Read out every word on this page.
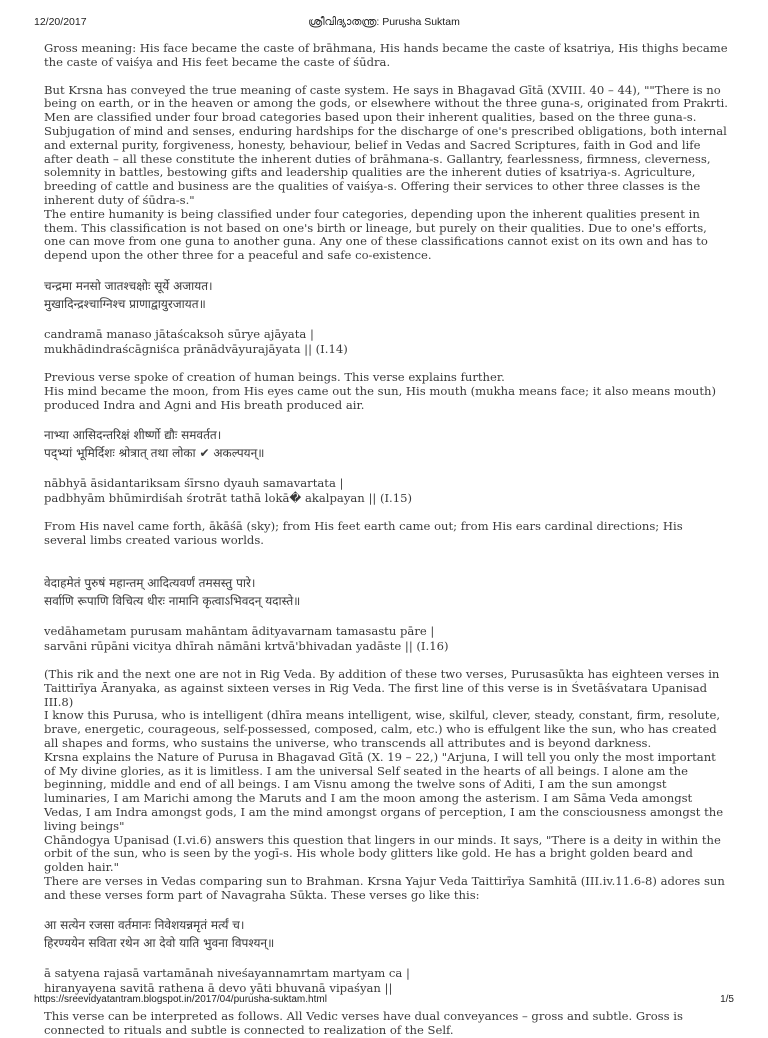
12/20/2017	ശ്രീവിദ്യാതന്ത്ര: Purusha Suktam

Gross meaning: His face became the caste of brāhmana, His hands became the caste of ksatriya, His thighs became the caste of vaiśya and His feet became the caste of śūdra.

But Krsna has conveyed the true meaning of caste system. He says in Bhagavad Gītā (XVIII. 40 – 44), ""There is no being on earth, or in the heaven or among the gods, or elsewhere without the three guna-s, originated from Prakrti. Men are classified under four broad categories based upon their inherent qualities, based on the three guna-s. Subjugation of mind and senses, enduring hardships for the discharge of one's prescribed obligations, both internal and external purity, forgiveness, honesty, behaviour, belief in Vedas and Sacred Scriptures, faith in God and life after death – all these constitute the inherent duties of brāhmana-s. Gallantry, fearlessness, firmness, cleverness, solemnity in battles, bestowing gifts and leadership qualities are the inherent duties of ksatriya-s. Agriculture, breeding of cattle and business are the qualities of vaiśya-s. Offering their services to other three classes is the inherent duty of śūdra-s."

The entire humanity is being classified under four categories, depending upon the inherent qualities present in them. This classification is not based on one's birth or lineage, but purely on their qualities. Due to one's efforts, one can move from one guna to another guna. Any one of these classifications cannot exist on its own and has to depend upon the other three for a peaceful and safe co-existence.

चन्द्रमा मनसो जातश्चक्षोः सूर्ये अजायत।
मुखादिन्द्रश्चाग्निश्च प्राणाद्वायुरजायत॥
candramā manaso jātaścaksoh sūrye ajāyata |
mukhādindraścāgniśca prānādvāyurajāyata || (I.14)

Previous verse spoke of creation of human beings. This verse explains further.

His mind became the moon, from His eyes came out the sun, His mouth (mukha means face; it also means mouth) produced Indra and Agni and His breath produced air.

नाभ्या आसिदन्तरिक्षं शीर्ष्णो द्यौः समवर्तत।
पद्भ्यां भूमिर्दिशः श्रोत्रात् तथा लोका ✔ अकल्पयन्॥
nābhyā āsidantariksam śīrsno dyauh samavartata |
padbhyām bhūmirdiśah śrotrāt tathā lokā� akalpayan || (I.15)

From His navel came forth, ākāśā (sky); from His feet earth came out; from His ears cardinal directions; His several limbs created various worlds.

वेदाहमेतं पुरुषं महान्तम् आदित्यवर्णं तमसस्तु पारे।
सर्वाणि रूपाणि विचित्य धीरः नामानि कृत्वाऽभिवदन् यदास्ते॥
vedāhametam purusam mahāntam ādityavarnam tamasastu pāre |
sarvāni rūpāni vicitya dhīrah nāmāni krtvā'bhivadan yadāste || (I.16)

(This rik and the next one are not in Rig Veda. By addition of these two verses, Purusasūkta has eighteen verses in Taittirīya Āranyaka, as against sixteen verses in Rig Veda. The first line of this verse is in Śvetāśvatara Upanisad III.8)

I know this Purusa, who is intelligent (dhīra means intelligent, wise, skilful, clever, steady, constant, firm, resolute, brave, energetic, courageous, self-possessed, composed, calm, etc.) who is effulgent like the sun, who has created all shapes and forms, who sustains the universe, who transcends all attributes and is beyond darkness.

Krsna explains the Nature of Purusa in Bhagavad Gītā (X. 19 – 22,) "Arjuna, I will tell you only the most important of My divine glories, as it is limitless. I am the universal Self seated in the hearts of all beings. I alone am the beginning, middle and end of all beings. I am Visnu among the twelve sons of Aditi, I am the sun amongst luminaries, I am Marichi among the Maruts and I am the moon among the asterism. I am Sāma Veda amongst Vedas, I am Indra amongst gods, I am the mind amongst organs of perception, I am the consciousness amongst the living beings"

Chāndogya Upanisad (I.vi.6) answers this question that lingers in our minds. It says, "There is a deity in within the orbit of the sun, who is seen by the yogī-s. His whole body glitters like gold. He has a bright golden beard and golden hair."

There are verses in Vedas comparing sun to Brahman. Krsna Yajur Veda Taittirīya Samhitā (III.iv.11.6-8) adores sun and these verses form part of Navagraha Sūkta. These verses go like this:

आ सत्येन रजसा वर्तमानः निवेशयन्नमृतं मर्त्यं च।
हिरण्ययेन सविता रथेन आ देवो याति भुवना विपश्यन्॥
ā satyena rajasā vartamānah niveśayannamrtam martyam ca |
hiranyayena savitā rathena ā devo yāti bhuvanā vipaśyan ||

This verse can be interpreted as follows. All Vedic verses have dual conveyances – gross and subtle. Gross is connected to rituals and subtle is connected to realization of the Self.

https://sreevidyatantram.blogspot.in/2017/04/purusha-suktam.html	1/5
